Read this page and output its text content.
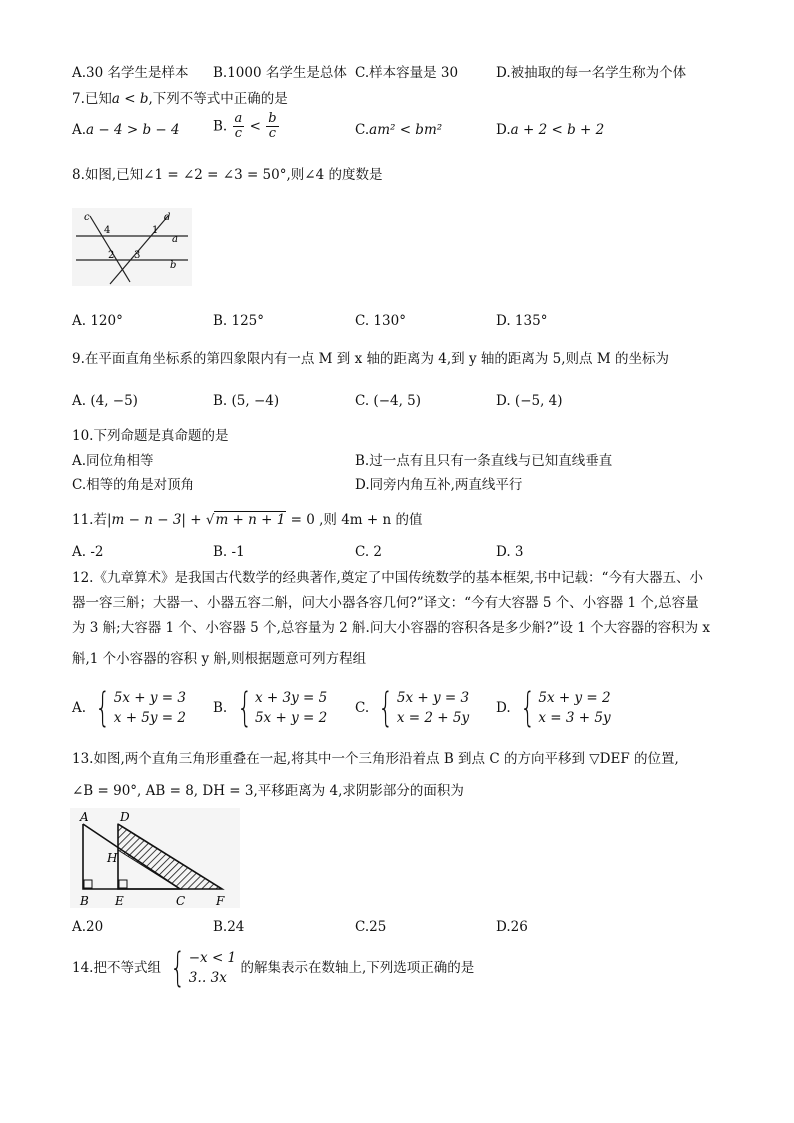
A.30 名学生是样本 B.1000 名学生是总体 C.样本容量是 30	D.被抽取的每一名学生称为个体
7.已知a < b,下列不等式中正确的是
A.a − 4 > b − 4 B. $\frac{a}{c} < \frac{b}{c}$	C.am² < bm²	D.a + 2 < b + 2
8.如图,已知∠1 = ∠2 = ∠3 = 50°,则∠4 的度数是
c	d
a
b
1
2 3
4
A. 120°	B. 125°	C. 130°	D. 135°
9.在平面直角坐标系的第四象限内有一点 M 到 x 轴的距离为 4,到 y 轴的距离为 5,则点 M 的坐标为
A. (4, −5)	B. (5, −4)	C. (−4, 5)	D. (−5, 4)
10.下列命题是真命题的是
A.同位角相等	B.过一点有且只有一条直线与已知直线垂直
C.相等的角是对顶角	D.同旁内角互补,两直线平行
11.若|m − n − 3| + √m + n + 1 = 0 ,则 4m + n 的值
A. -2	B. -1	C. 2	D. 3
12.《九章算术》是我国古代数学的经典著作,奠定了中国传统数学的基本框架,书中记载：“今有大器五、小
器一容三斛；大器一、小器五容二斛，问大小器各容几何?”译文：“今有大容器 5 个、小容器 1 个,总容量
为 3 斛;大容器 1 个、小容器 5 个,总容量为 2 斛.问大小容器的容积各是多少斛?”设 1 个大容器的容积为 x
斛,1 个小容器的容积 y 斛,则根据题意可列方程组
A. { 5x + y = 3
x + 5y = 2
B. { x + 3y = 5
5x + y = 2
C. { 5x + y = 3
x = 2 + 5y
D. { 5x + y = 2
x = 3 + 5y
13.如图,两个直角三角形重叠在一起,将其中一个三角形沿着点 B 到点 C 的方向平移到 ▽DEF 的位置,
∠B = 90°, AB = 8, DH = 3,平移距离为 4,求阴影部分的面积为
A	D
H
B E	C	F
A.20	B.24	C.25	D.26
14.把不等式组 { −x < 1
3‥ 3x
的解集表示在数轴上,下列选项正确的是
